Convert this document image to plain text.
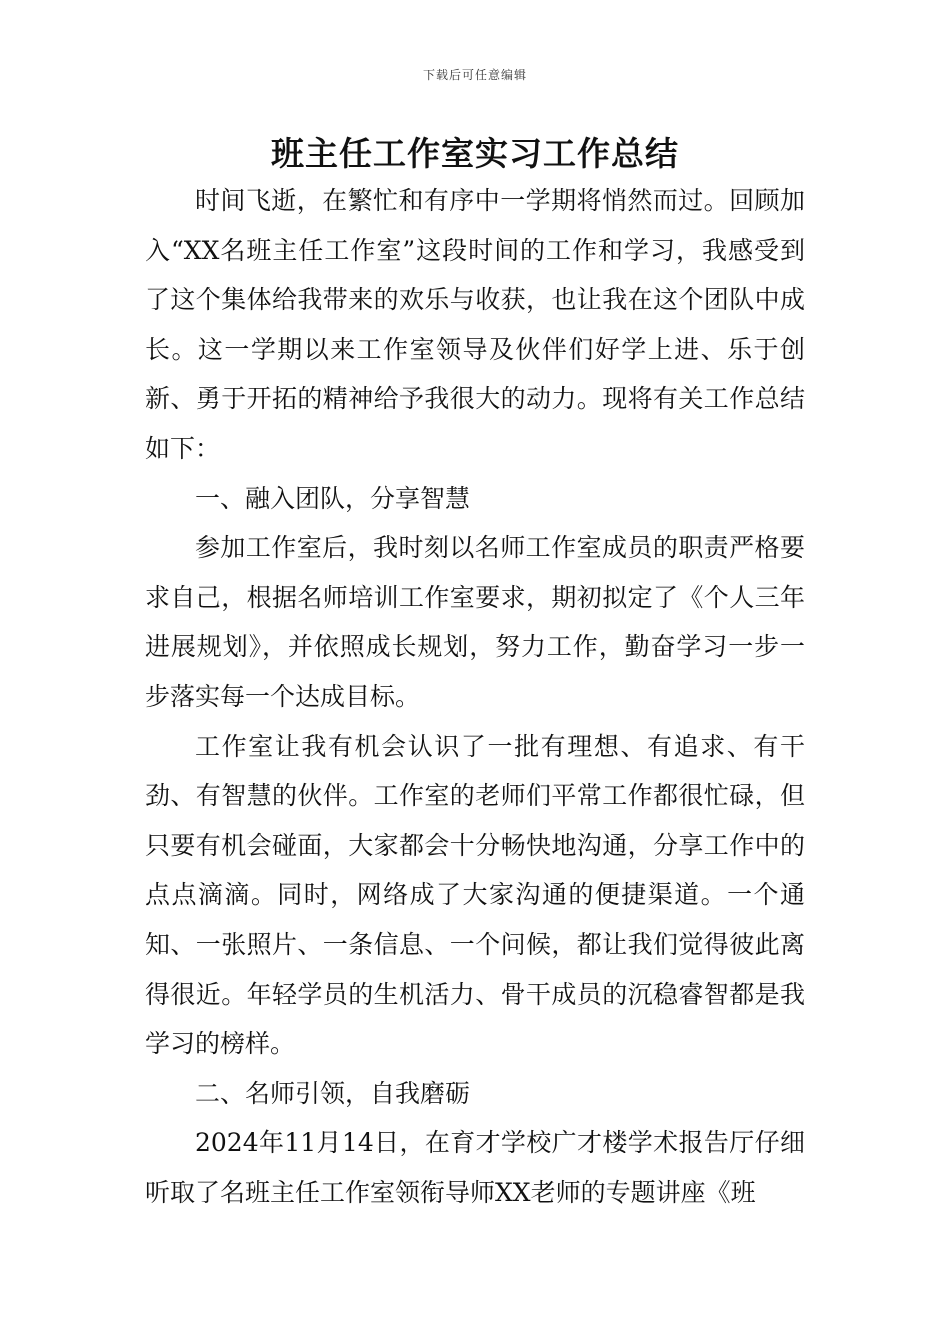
下载后可任意编辑
班主任工作室实习工作总结

时间飞逝，在繁忙和有序中一学期将悄然而过。回顾加入“XX名班主任工作室”这段时间的工作和学习，我感受到了这个集体给我带来的欢乐与收获，也让我在这个团队中成长。这一学期以来工作室领导及伙伴们好学上进、乐于创新、勇于开拓的精神给予我很大的动力。现将有关工作总结如下：

一、融入团队，分享智慧

参加工作室后，我时刻以名师工作室成员的职责严格要求自己，根据名师培训工作室要求，期初拟定了《个人三年进展规划》，并依照成长规划，努力工作，勤奋学习一步一步落实每一个达成目标。

工作室让我有机会认识了一批有理想、有追求、有干劲、有智慧的伙伴。工作室的老师们平常工作都很忙碌，但只要有机会碰面，大家都会十分畅快地沟通，分享工作中的点点滴滴。同时，网络成了大家沟通的便捷渠道。一个通知、一张照片、一条信息、一个问候，都让我们觉得彼此离得很近。年轻学员的生机活力、骨干成员的沉稳睿智都是我学习的榜样。

二、名师引领，自我磨砺

2024年11月14日，在育才学校广才楼学术报告厅仔细听取了名班主任工作室领衔导师XX老师的专题讲座《班
